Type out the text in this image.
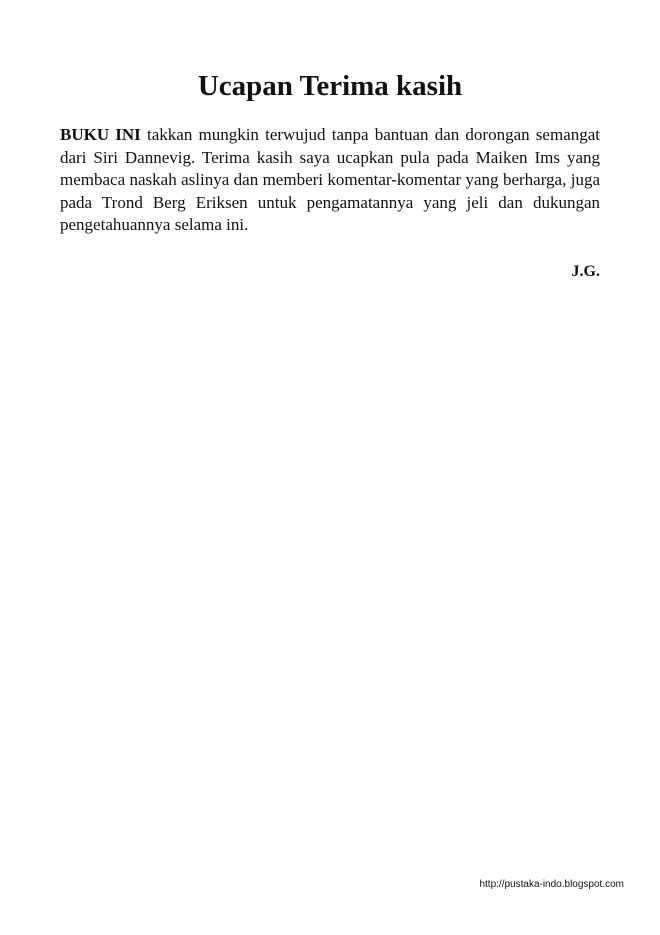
Ucapan Terima kasih

BUKU INI takkan mungkin terwujud tanpa bantuan dan dorongan semangat dari Siri Dannevig. Terima kasih saya ucapkan pula pada Maiken Ims yang membaca naskah aslinya dan memberi komentar-komentar yang berharga, juga pada Trond Berg Eriksen untuk pengamatannya yang jeli dan dukungan pengetahuannya selama ini.

J.G.

http://pustaka-indo.blogspot.com
